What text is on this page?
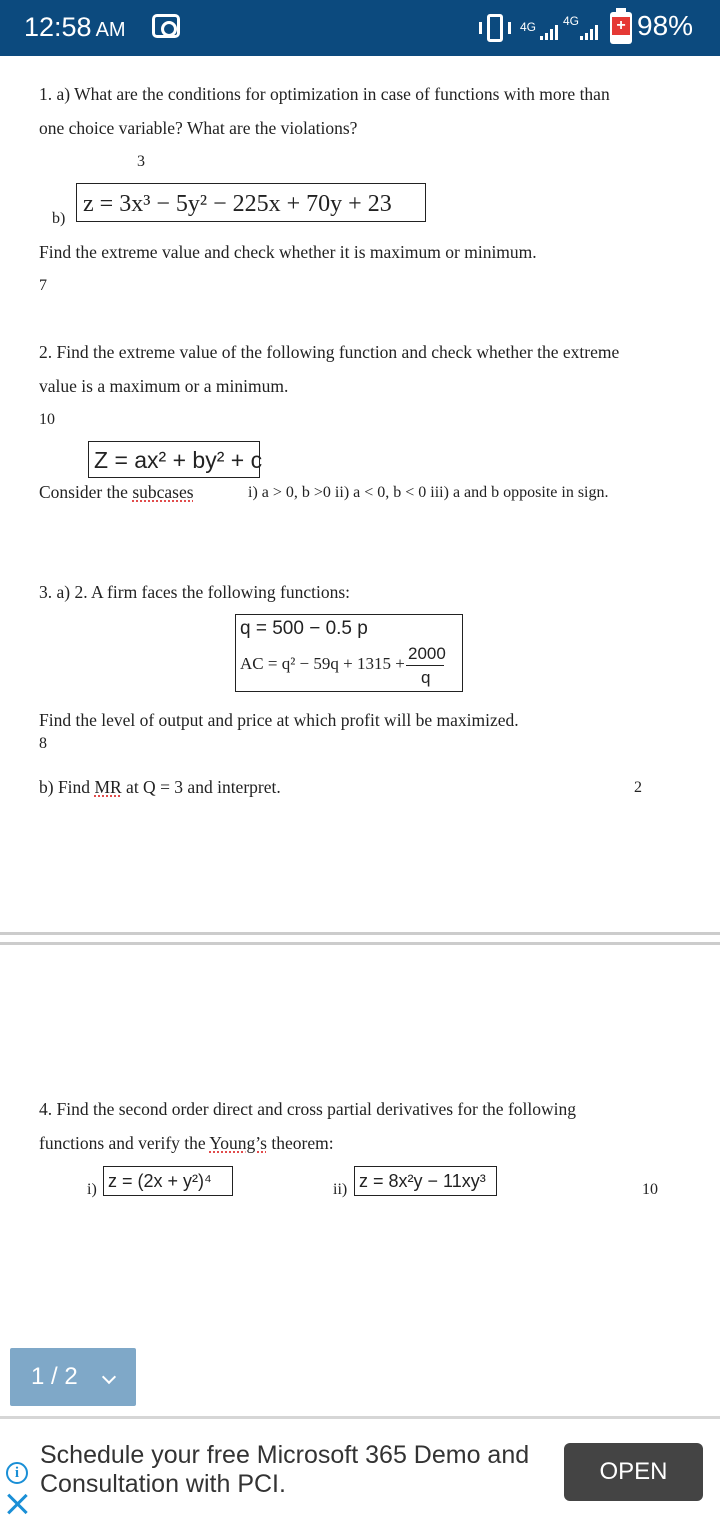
12:58 AM	4G 4G + 98%
1. a) What are the conditions for optimization in case of functions with more than
one choice variable? What are the violations?
3
b)
z = 3x³ − 5y² − 225x + 70y + 23
Find the extreme value and check whether it is maximum or minimum.
7
2. Find the extreme value of the following function and check whether the extreme
value is a maximum or a minimum.
10
Z = ax² + by² + c
Consider the subcases	i) a > 0, b >0 ii) a < 0, b < 0 iii) a and b opposite in sign.
3. a) 2. A firm faces the following functions:
q = 500 − 0.5 p
AC = q² − 59q + 1315 +
2000
q
Find the level of output and price at which profit will be maximized.
8
b) Find MR at Q = 3 and interpret.	2
4. Find the second order direct and cross partial derivatives for the following
functions and verify the Young’s theorem:
i) z = (2x + y²)⁴	ii) z = 8x²y − 11xy³	10
1 / 2
i
Schedule your free Microsoft 365 Demo and Consultation with PCI.	OPEN
